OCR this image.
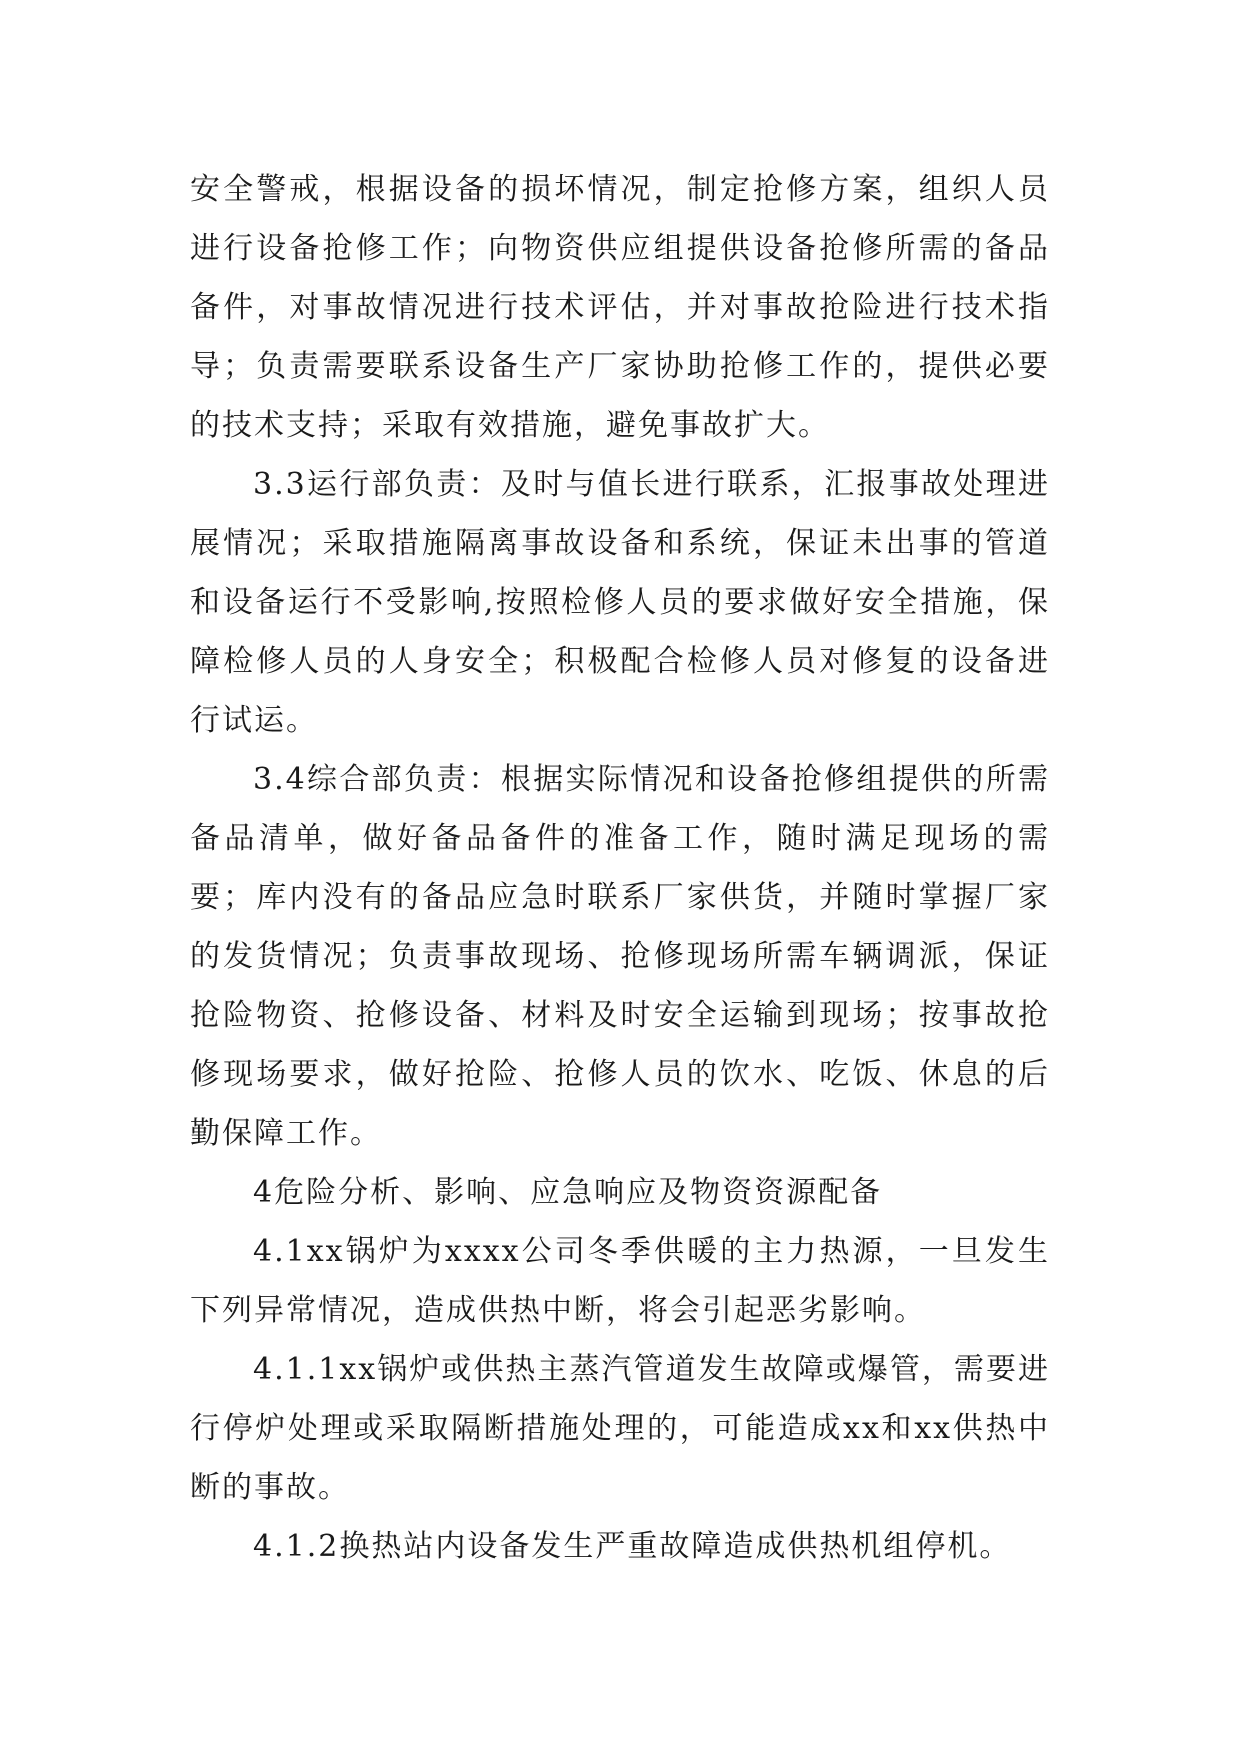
安全警戒，根据设备的损坏情况，制定抢修方案，组织人员进行设备抢修工作；向物资供应组提供设备抢修所需的备品备件，对事故情况进行技术评估，并对事故抢险进行技术指导；负责需要联系设备生产厂家协助抢修工作的，提供必要的技术支持；采取有效措施，避免事故扩大。

3.3运行部负责：及时与值长进行联系，汇报事故处理进展情况；采取措施隔离事故设备和系统，保证未出事的管道和设备运行不受影响,按照检修人员的要求做好安全措施，保障检修人员的人身安全；积极配合检修人员对修复的设备进行试运。

3.4综合部负责：根据实际情况和设备抢修组提供的所需备品清单，做好备品备件的准备工作，随时满足现场的需要；库内没有的备品应急时联系厂家供货，并随时掌握厂家的发货情况；负责事故现场、抢修现场所需车辆调派，保证抢险物资、抢修设备、材料及时安全运输到现场；按事故抢修现场要求，做好抢险、抢修人员的饮水、吃饭、休息的后勤保障工作。

4危险分析、影响、应急响应及物资资源配备

4.1xx锅炉为xxxx公司冬季供暖的主力热源，一旦发生下列异常情况，造成供热中断，将会引起恶劣影响。

4.1.1xx锅炉或供热主蒸汽管道发生故障或爆管，需要进行停炉处理或采取隔断措施处理的，可能造成xx和xx供热中断的事故。

4.1.2换热站内设备发生严重故障造成供热机组停机。
